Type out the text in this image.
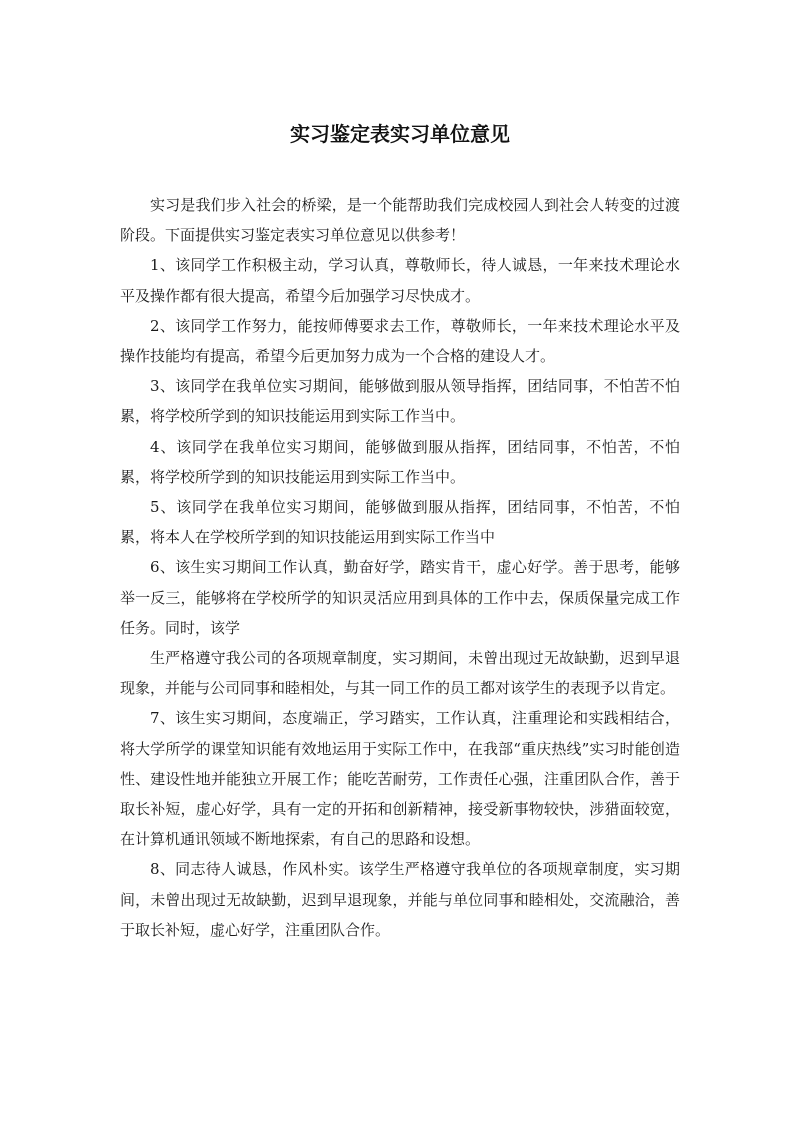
实习鉴定表实习单位意见

实习是我们步入社会的桥梁，是一个能帮助我们完成校园人到社会人转变的过渡阶段。下面提供实习鉴定表实习单位意见以供参考！

1、该同学工作积极主动，学习认真，尊敬师长，待人诚恳，一年来技术理论水平及操作都有很大提高，希望今后加强学习尽快成才。

2、该同学工作努力，能按师傅要求去工作，尊敬师长，一年来技术理论水平及操作技能均有提高，希望今后更加努力成为一个合格的建设人才。

3、该同学在我单位实习期间，能够做到服从领导指挥，团结同事，不怕苦不怕累，将学校所学到的知识技能运用到实际工作当中。

4、该同学在我单位实习期间，能够做到服从指挥，团结同事，不怕苦，不怕累，将学校所学到的知识技能运用到实际工作当中。

5、该同学在我单位实习期间，能够做到服从指挥，团结同事，不怕苦，不怕累，将本人在学校所学到的知识技能运用到实际工作当中

6、该生实习期间工作认真，勤奋好学，踏实肯干，虚心好学。善于思考，能够举一反三，能够将在学校所学的知识灵活应用到具体的工作中去，保质保量完成工作任务。同时，该学

生严格遵守我公司的各项规章制度，实习期间，未曾出现过无故缺勤，迟到早退现象，并能与公司同事和睦相处，与其一同工作的员工都对该学生的表现予以肯定。

7、该生实习期间，态度端正，学习踏实，工作认真，注重理论和实践相结合，将大学所学的课堂知识能有效地运用于实际工作中，在我部“重庆热线”实习时能创造性、建设性地并能独立开展工作；能吃苦耐劳，工作责任心强，注重团队合作，善于取长补短，虚心好学，具有一定的开拓和创新精神，接受新事物较快，涉猎面较宽，在计算机通讯领域不断地探索，有自己的思路和设想。

8、同志待人诚恳，作风朴实。该学生严格遵守我单位的各项规章制度，实习期间，未曾出现过无故缺勤，迟到早退现象，并能与单位同事和睦相处，交流融洽，善于取长补短，虚心好学，注重团队合作。
